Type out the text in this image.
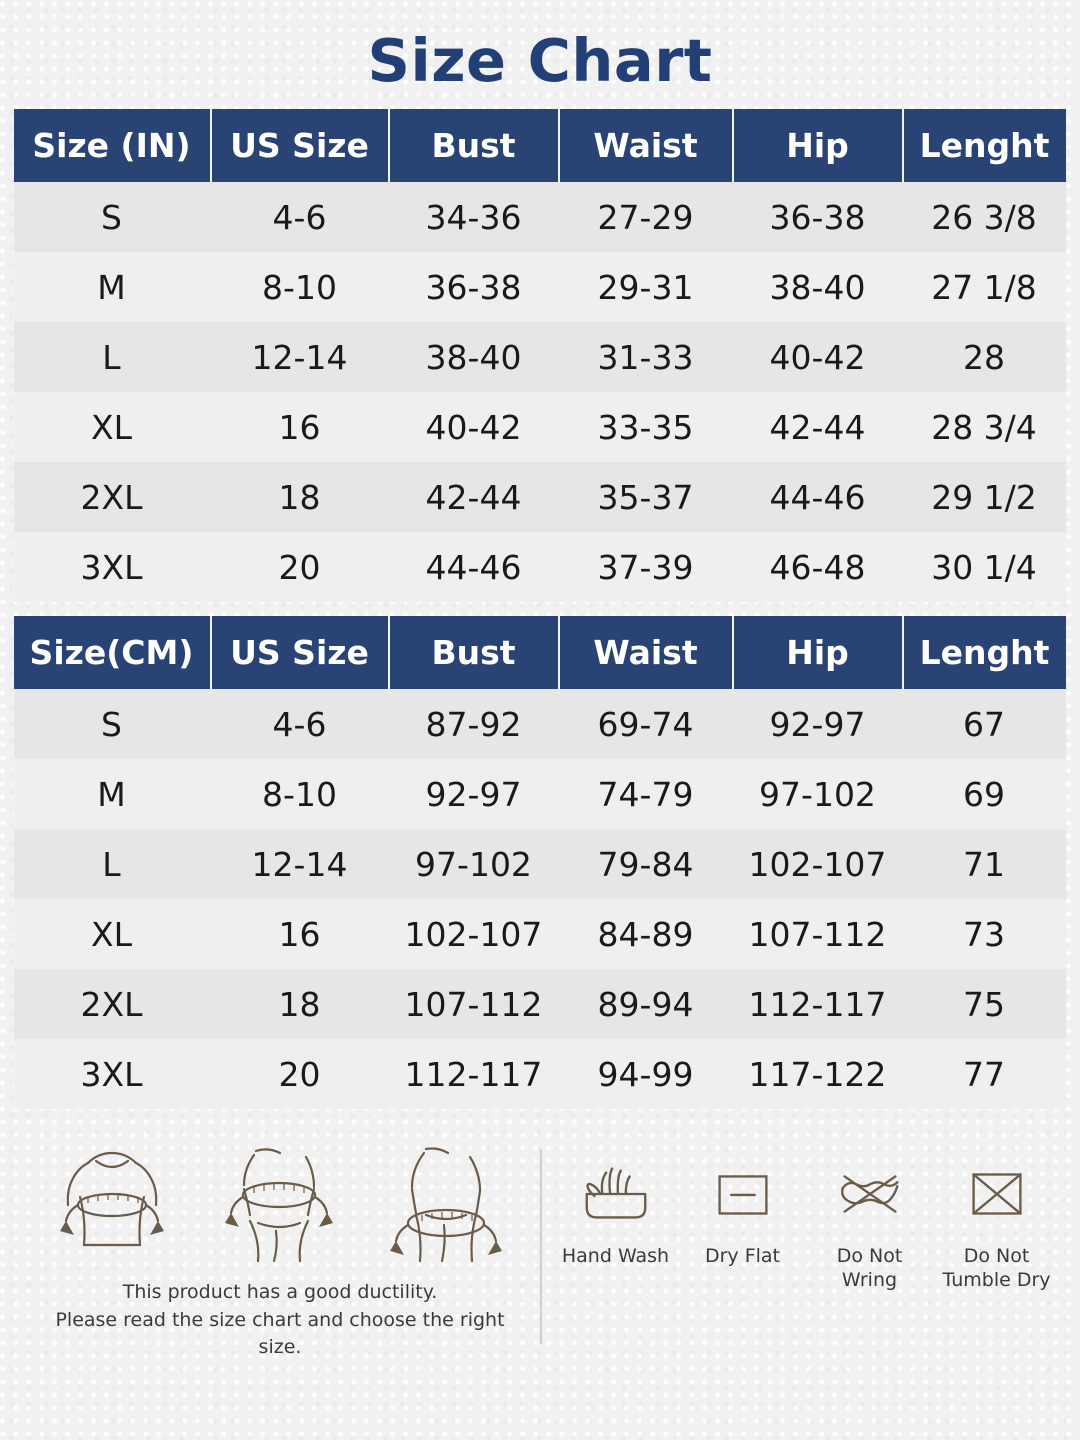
Size Chart
Size (IN)	US Size	Bust	Waist	Hip	Lenght
S	4-6	34-36	27-29	36-38	26 3/8
M	8-10	36-38	29-31	38-40	27 1/8
L	12-14	38-40	31-33	40-42	28
XL	16	40-42	33-35	42-44	28 3/4
2XL	18	42-44	35-37	44-46	29 1/2
3XL	20	44-46	37-39	46-48	30 1/4
Size(CM)	US Size	Bust	Waist	Hip	Lenght
S	4-6	87-92	69-74	92-97	67
M	8-10	92-97	74-79	97-102	69
L	12-14	97-102	79-84	102-107	71
XL	16	102-107	84-89	107-112	73
2XL	18	107-112	89-94	112-117	75
3XL	20	112-117	94-99	117-122	77
This product has a good ductility.
Please read the size chart and choose the right size.
Hand Wash	Dry Flat	Do Not
Wring
Do Not
Tumble Dry
